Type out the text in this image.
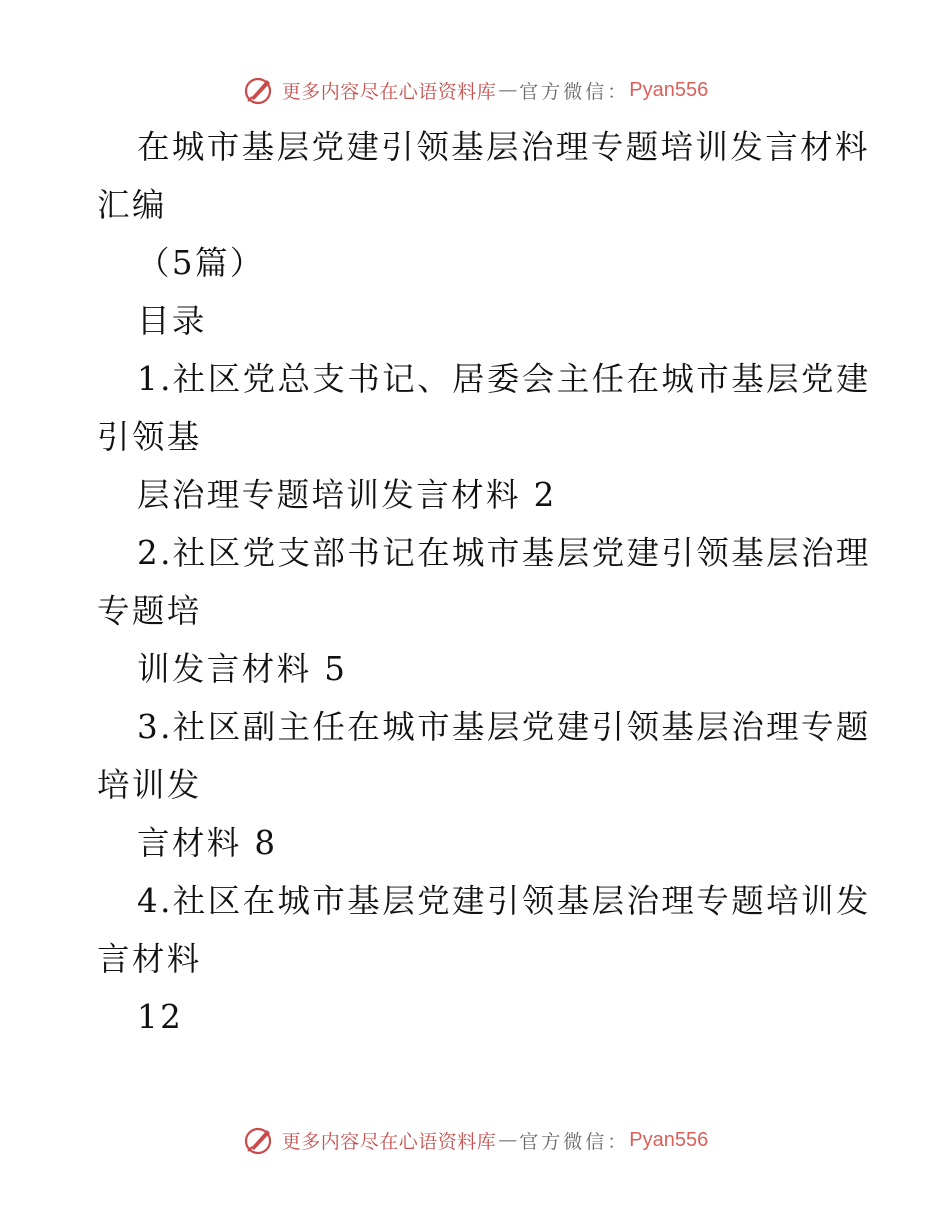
更多内容尽在心语资料库 — 官方微信： Pyan556
在城市基层党建引领基层治理专题培训发言材料
汇编
（5篇）
目录
1.社区党总支书记、居委会主任在城市基层党建
引领基
层治理专题培训发言材料 2
2.社区党支部书记在城市基层党建引领基层治理
专题培
训发言材料 5
3.社区副主任在城市基层党建引领基层治理专题
培训发
言材料 8
4.社区在城市基层党建引领基层治理专题培训发
言材料
12
更多内容尽在心语资料库 — 官方微信： Pyan556
